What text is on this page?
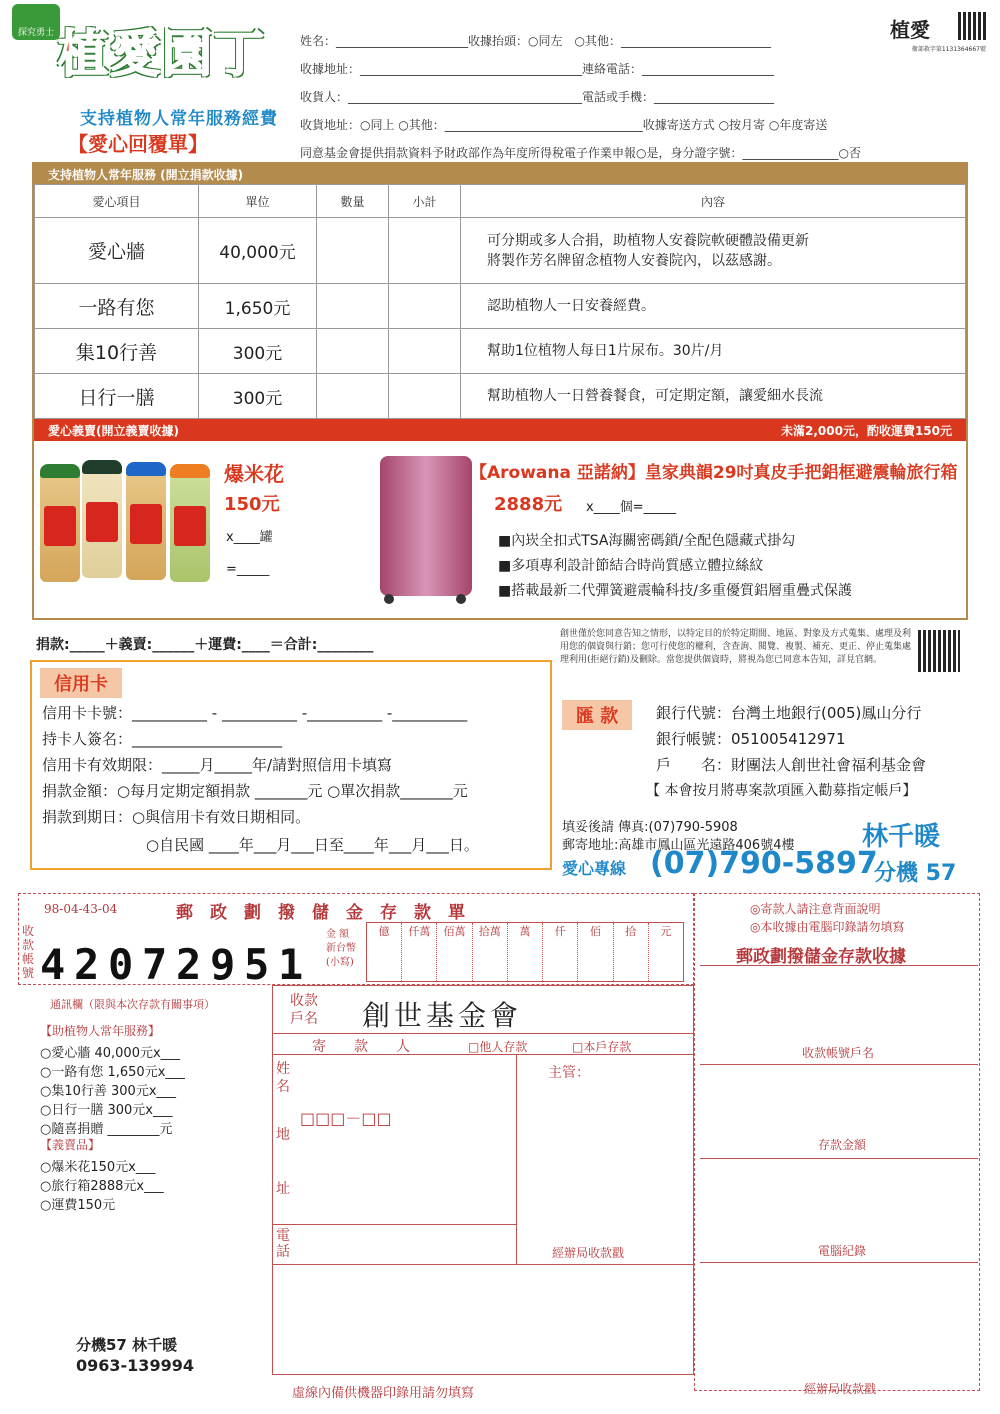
探究勇士 植愛園丁
支持植物人常年服務經費
【愛心回覆單】
植愛
衛部救字第1131364667號
姓名：______________________收據抬頭：○同左　○其他：_________________________
收據地址：_____________________________________連絡電話：______________________
收貨人：_______________________________________電話或手機：____________________
收貨地址：○同上 ○其他：_________________________________收據寄送方式 ○按月寄 ○年度寄送
同意基金會提供捐款資料予財政部作為年度所得稅電子作業申報○是，身分證字號：________________○否
支持植物人常年服務 (開立捐款收據)
愛心項目	單位	數量	小計	內容
愛心牆	40,000元			可分期或多人合捐，助植物人安養院軟硬體設備更新
將製作芳名牌留念植物人安養院內，以茲感謝。
一路有您	1,650元			認助植物人一日安養經費。
集10行善	300元			幫助1位植物人每日1片尿布。30片/月
日行一膳	300元			幫助植物人一日營養餐食，可定期定額，讓愛細水長流
愛心義賣(開立義賣收據)	未滿2,000元，酌收運費150元
爆米花
150元
x____罐
=_____
【Arowana 亞諾納】皇家典韻29吋真皮手把鋁框避震輪旅行箱
2888元 x____個=_____
■內崁全扣式TSA海關密碼鎖/全配色隱藏式掛勾
■多項專利設計節結合時尚質感立體拉絲紋
■搭載最新二代彈簧避震輪科技/多重優質鋁層重疊式保護
捐款:_____＋義賣:______＋運費:____＝合計:________
創世僅於您同意告知之情形，以特定目的於特定期間、地區、對象及方式蒐集、處理及利用您的個資與行銷；您可行使您的權利，含查詢、閱覽、複製、補充、更正、停止蒐集處理利用(拒絕行銷)及刪除。當您提供個資時，將視為您已同意本告知，詳見官網。
信用卡
信用卡卡號：__________ - __________ -__________ -__________
持卡人簽名：____________________
信用卡有效期限：_____月_____年/請對照信用卡填寫
捐款金額：○每月定期定額捐款 _______元 ○單次捐款_______元
捐款到期日：○與信用卡有效日期相同。
○自民國 ____年___月___日至____年___月___日。
匯 款	銀行代號：台灣土地銀行(005)鳳山分行
銀行帳號：051005412971
戶　　名：財團法人創世社會福利基金會
【 本會按月將專案款項匯入勸募指定帳戶】
填妥後請 傳真:(07)790-5908
郵寄地址:高雄市鳳山區光遠路406號4樓	林千暖
愛心專線 (07)790-5897
分機 57
98-04-43-04	郵　政　劃　撥　儲　金　存　款　單
收款帳號 4 2 0 7 2 9 5 1
金 額
新台幣
(小寫)
億	仟萬	佰萬	拾萬	萬	仟	佰	拾	元
◎寄款人請注意背面說明
◎本收據由電腦印錄請勿填寫
郵政劃撥儲金存款收據
收款帳號戶名
存款金額
電腦紀錄
經辦局收款戳
通訊欄（限與本次存款有關事項）	收款
戶名 創世基金會
寄　　款　　人	□他人存款	□本戶存款
主管：
姓
名
地

址
□□□－□□
電
話	經辦局收款戳
虛線內備供機器印錄用請勿填寫
【助植物人常年服務】
○愛心牆 40,000元x___
○一路有您 1,650元x___
○集10行善 300元x___
○日行一膳 300元x___
○隨喜捐贈 ________元
【義賣品】
○爆米花150元x___
○旅行箱2888元x___
○運費150元
分機57 林千暖
0963-139994
